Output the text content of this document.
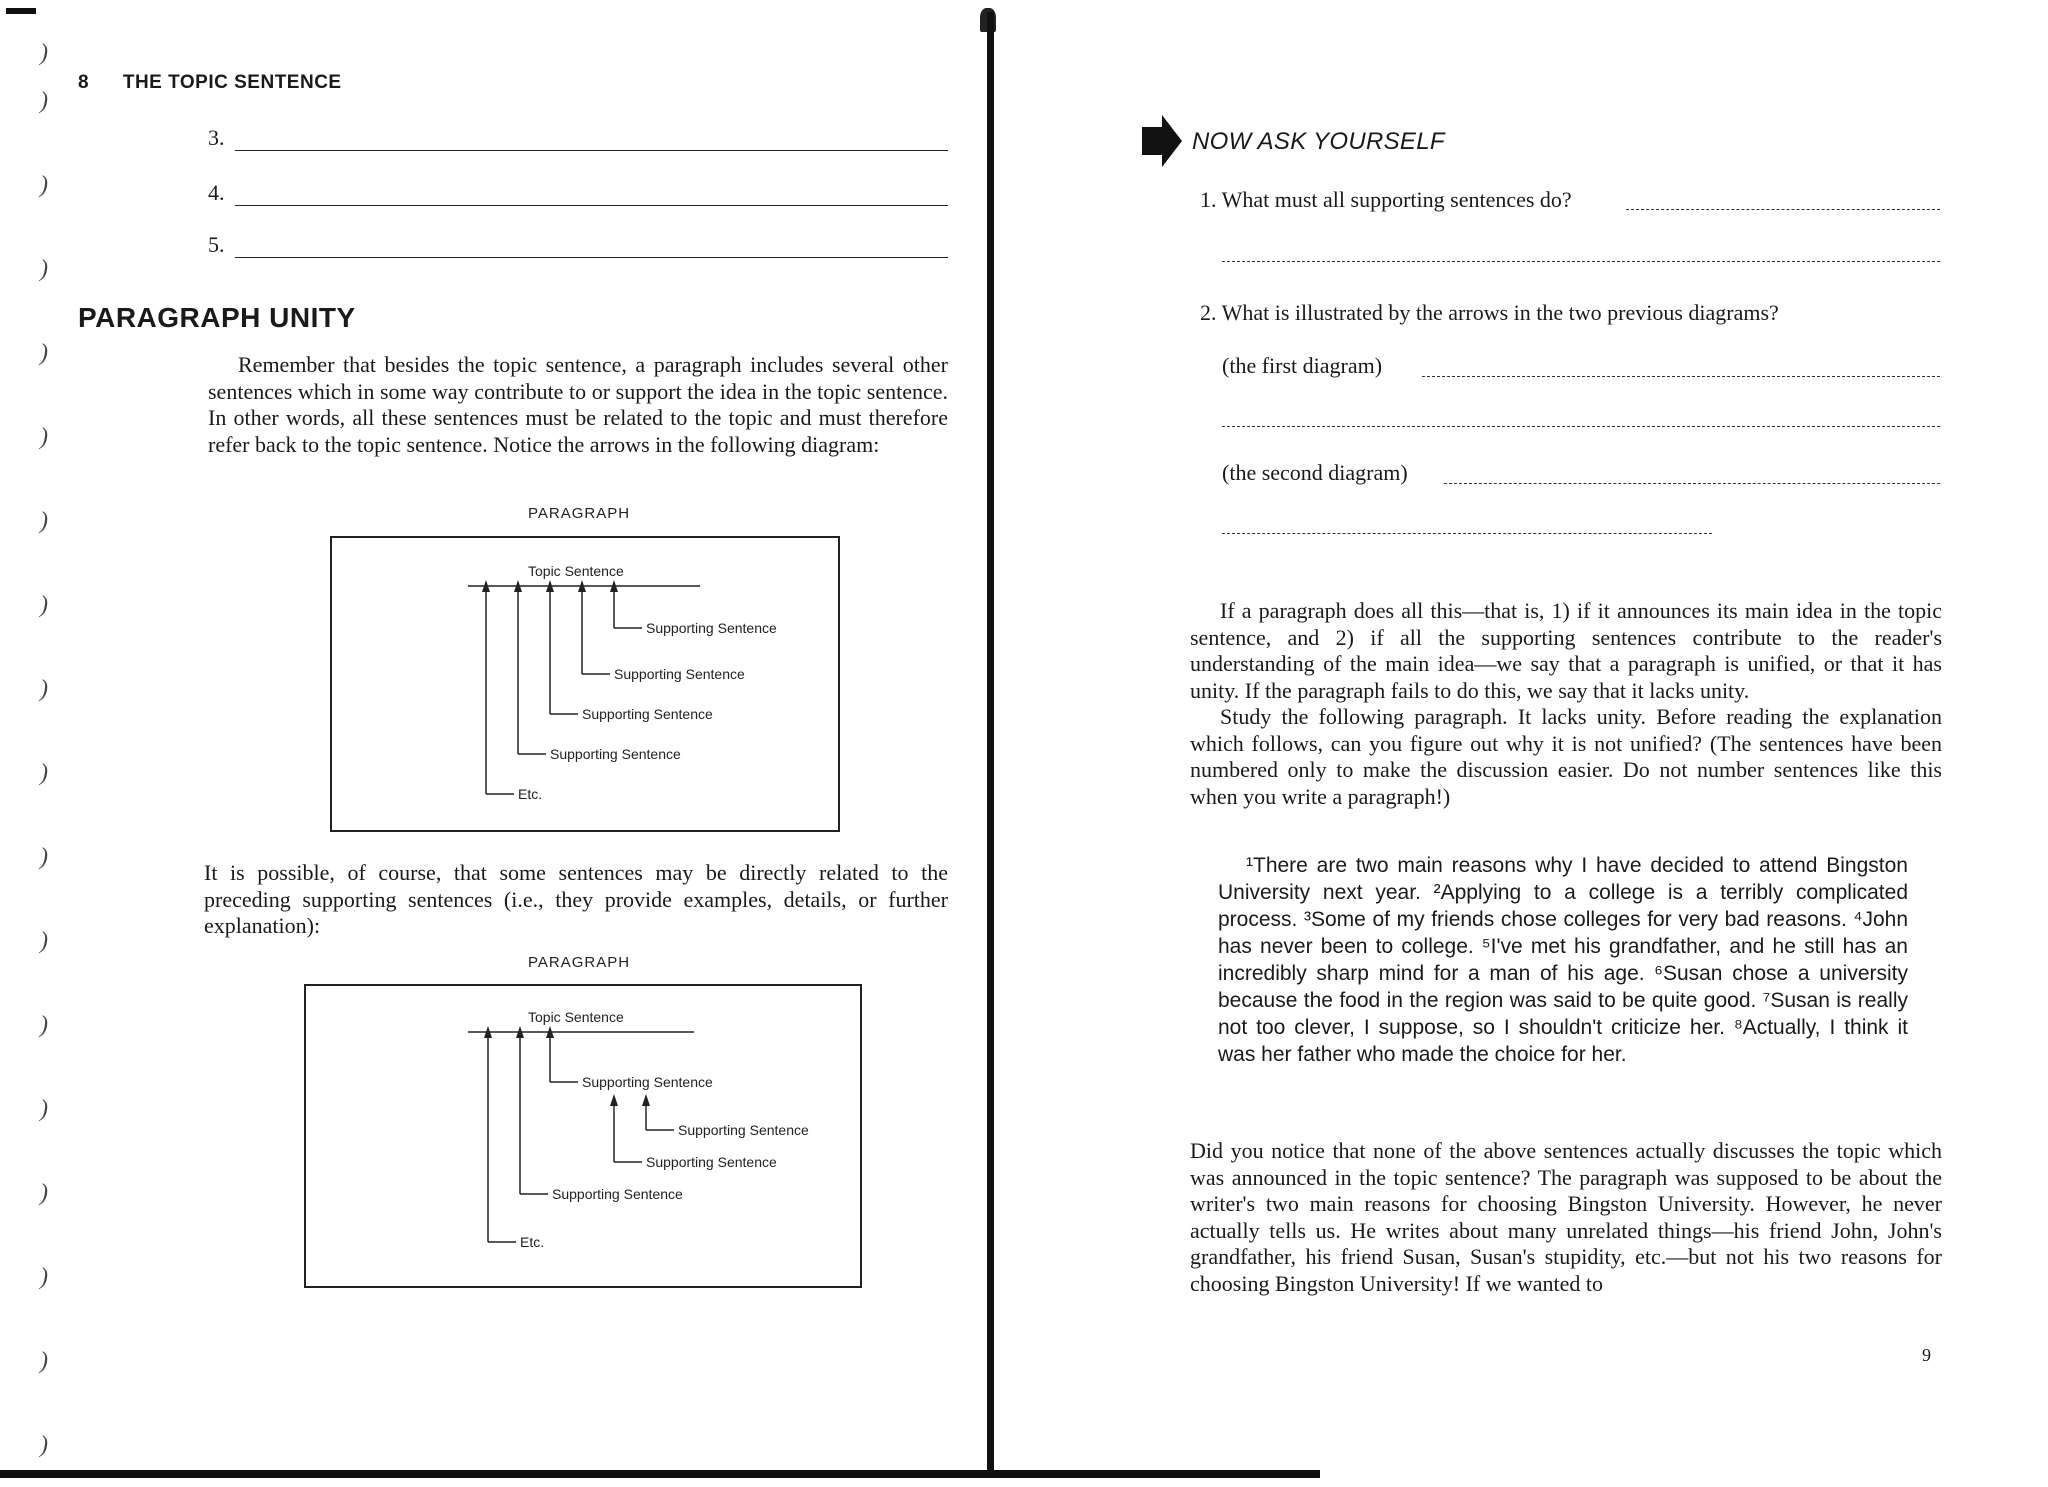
)
)
)
)
)
)
)
)
)
)
)
)
)
)
)
)
)
)
8 THE TOPIC SENTENCE
3.
4.
5.
PARAGRAPH UNITY

Remember that besides the topic sentence, a paragraph includes several other sentences which in some way contribute to or support the idea in the topic sentence. In other words, all these sentences must be related to the topic and must therefore refer back to the topic sentence. Notice the arrows in the following diagram:

PARAGRAPH
Topic Sentence
Supporting Sentence
Supporting Sentence
Supporting Sentence
Supporting Sentence
Etc.

It is possible, of course, that some sentences may be directly related to the preceding supporting sentences (i.e., they provide examples, details, or further explanation):

PARAGRAPH
Topic Sentence
Supporting Sentence
Supporting Sentence
Supporting Sentence
Supporting Sentence
Etc.
NOW ASK YOURSELF
1. What must all supporting sentences do?
2. What is illustrated by the arrows in the two previous diagrams?
(the first diagram)
(the second diagram)

If a paragraph does all this—that is, 1) if it announces its main idea in the topic sentence, and 2) if all the supporting sentences contribute to the reader's understanding of the main idea—we say that a paragraph is unified, or that it has unity. If the paragraph fails to do this, we say that it lacks unity.

Study the following paragraph. It lacks unity. Before reading the explanation which follows, can you figure out why it is not unified? (The sentences have been numbered only to make the discussion easier. Do not number sentences like this when you write a paragraph!)

¹There are two main reasons why I have decided to attend Bingston University next year. ²Applying to a college is a terribly complicated process. ³Some of my friends chose colleges for very bad reasons. ⁴John has never been to college. ⁵I've met his grandfather, and he still has an incredibly sharp mind for a man of his age. ⁶Susan chose a university because the food in the region was said to be quite good. ⁷Susan is really not too clever, I suppose, so I shouldn't criticize her. ⁸Actually, I think it was her father who made the choice for her.

Did you notice that none of the above sentences actually discusses the topic which was announced in the topic sentence? The paragraph was supposed to be about the writer's two main reasons for choosing Bingston University. However, he never actually tells us. He writes about many unrelated things—his friend John, John's grandfather, his friend Susan, Susan's stupidity, etc.—but not his two reasons for choosing Bingston University! If we wanted to

9
